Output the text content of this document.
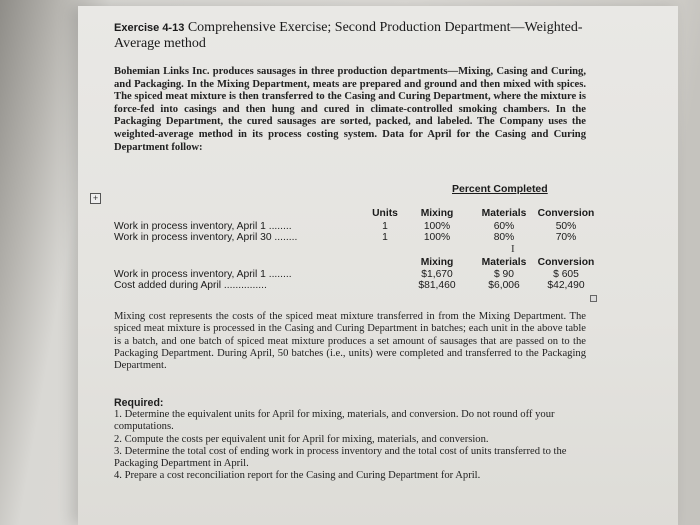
Exercise 4-13 Comprehensive Exercise; Second Production Department—Weighted-
Average method
Bohemian Links Inc. produces sausages in three production departments—Mixing, Casing and Curing, and Packaging. In the Mixing Department, meats are prepared and ground and then mixed with spices. The spiced meat mixture is then transferred to the Casing and Curing Department, where the mixture is force-fed into casings and then hung and cured in climate-controlled smoking chambers. In the Packaging Department, the cured sausages are sorted, packed, and labeled. The Company uses the weighted-average method in its process costing system. Data for April for the Casing and Curing Department follow:
Percent Completed
+
Units	Mixing	Materials	Conversion
Work in process inventory, April 1 ........	1	100%	60%	50%
Work in process inventory, April 30 ........	1	100%	80%	70%
I
Mixing	Materials	Conversion
Work in process inventory, April 1 ........	$1,670	$ 90	$ 605
Cost added during April ...............	$81,460	$6,006	$42,490
Mixing cost represents the costs of the spiced meat mixture transferred in from the Mixing Department. The spiced meat mixture is processed in the Casing and Curing Department in batches; each unit in the above table is a batch, and one batch of spiced meat mixture produces a set amount of sausages that are passed on to the Packaging Department. During April, 50 batches (i.e., units) were completed and transferred to the Packaging Department.
Required:
1. Determine the equivalent units for April for mixing, materials, and conversion. Do not round off your computations.
2. Compute the costs per equivalent unit for April for mixing, materials, and conversion.
3. Determine the total cost of ending work in process inventory and the total cost of units transferred to the Packaging Department in April.
4. Prepare a cost reconciliation report for the Casing and Curing Department for April.
